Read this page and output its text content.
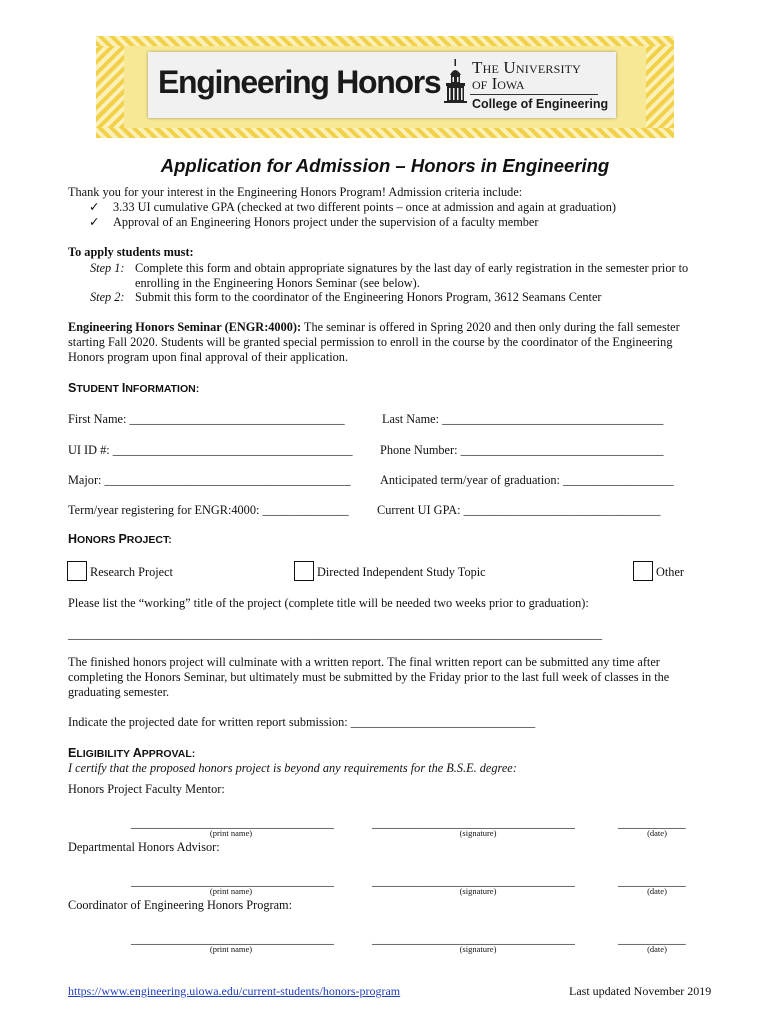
Engineering Honors The University
of Iowa
College of Engineering
Application for Admission – Honors in Engineering
Thank you for your interest in the Engineering Honors Program! Admission criteria include:
✓ 3.33 UI cumulative GPA (checked at two different points – once at admission and again at graduation)
✓ Approval of an Engineering Honors project under the supervision of a faculty member
To apply students must:
Step 1: Complete this form and obtain appropriate signatures by the last day of early registration in the semester prior to
enrolling in the Engineering Honors Seminar (see below).
Step 2: Submit this form to the coordinator of the Engineering Honors Program, 3612 Seamans Center
Engineering Honors Seminar (ENGR:4000): The seminar is offered in Spring 2020 and then only during the fall semester
starting Fall 2020. Students will be granted special permission to enroll in the course by the coordinator of the Engineering
Honors program upon final approval of their application.
STUDENT INFORMATION:
First Name: ___________________________________	Last Name: ____________________________________
UI ID #: _______________________________________ Phone Number: _________________________________
Major: ________________________________________ Anticipated term/year of graduation: __________________
Term/year registering for ENGR:4000: ______________ Current UI GPA: ________________________________
HONORS PROJECT:
Research Project	Directed Independent Study Topic	Other
Please list the “working” title of the project (complete title will be needed two weeks prior to graduation):
_________________________________________________________________________________________
The finished honors project will culminate with a written report. The final written report can be submitted any time after
completing the Honors Seminar, but ultimately must be submitted by the Friday prior to the last full week of classes in the
graduating semester.
Indicate the projected date for written report submission: ______________________________
ELIGIBILITY APPROVAL:
I certify that the proposed honors project is beyond any requirements for the B.S.E. degree:
Honors Project Faculty Mentor:
_________________________________	_________________________________	___________
(print name)	(signature)	(date)
Departmental Honors Advisor:
_________________________________	_________________________________	___________
(print name)	(signature)	(date)
Coordinator of Engineering Honors Program:
_________________________________	_________________________________	___________
(print name)	(signature)	(date)
https://www.engineering.uiowa.edu/current-students/honors-program	Last updated November 2019
